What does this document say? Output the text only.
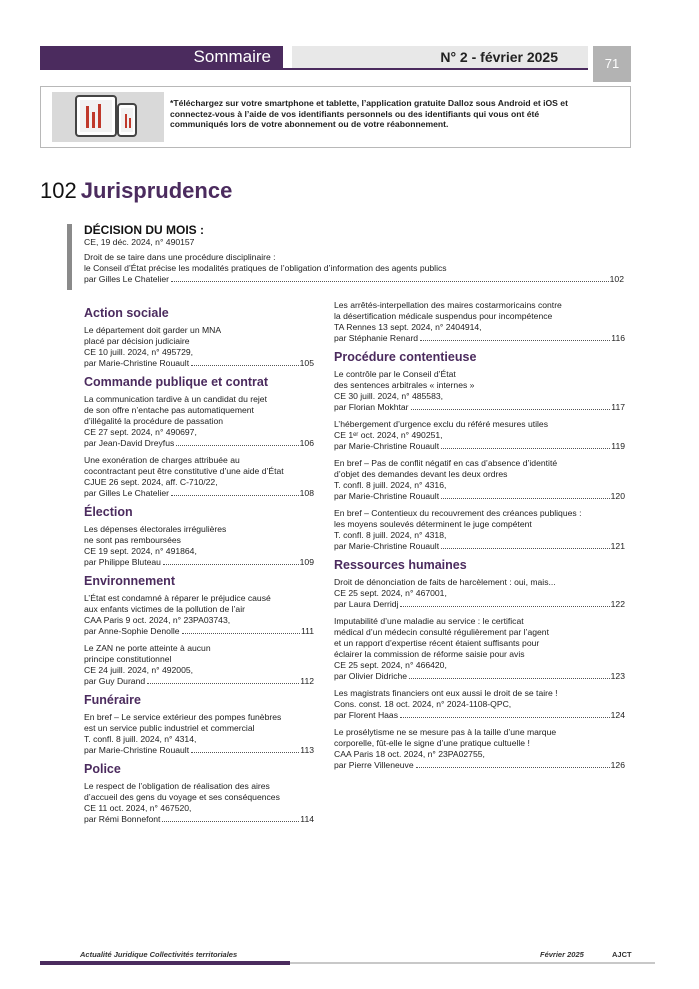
Sommaire	N° 2 - février 2025	71
*Téléchargez sur votre smartphone et tablette, l’application gratuite Dalloz sous Android et iOS et connectez-vous à l’aide de vos identifiants personnels ou des identifiants qui vous ont été communiqués lors de votre abonnement ou de votre réabonnement.
102 Jurisprudence
DÉCISION DU MOIS :
CE, 19 déc. 2024, n° 490157
Droit de se taire dans une procédure disciplinaire :
le Conseil d’État précise les modalités pratiques de l’obligation d’information des agents publics
par Gilles Le Chatelier	102
Action sociale

Le département doit garder un MNA

placé par décision judiciaire

CE 10 juill. 2024, n° 495729,

par Marie-Christine Rouault	105
Commande publique et contrat

La communication tardive à un candidat du rejet

de son offre n’entache pas automatiquement

d’illégalité la procédure de passation

CE 27 sept. 2024, n° 490697,

par Jean-David Dreyfus	106

Une exonération de charges attribuée au

cocontractant peut être constitutive d’une aide d’État

CJUE 26 sept. 2024, aff. C-710/22,

par Gilles Le Chatelier	108
Élection

Les dépenses électorales irrégulières

ne sont pas remboursées

CE 19 sept. 2024, n° 491864,

par Philippe Bluteau	109
Environnement

L’État est condamné à réparer le préjudice causé

aux enfants victimes de la pollution de l’air

CAA Paris 9 oct. 2024, n° 23PA03743,

par Anne-Sophie Denolle	111

Le ZAN ne porte atteinte à aucun

principe constitutionnel

CE 24 juill. 2024, n° 492005,

par Guy Durand	112
Funéraire

En bref – Le service extérieur des pompes funèbres

est un service public industriel et commercial

T. confl. 8 juill. 2024, n° 4314,

par Marie-Christine Rouault	113
Police

Le respect de l’obligation de réalisation des aires

d’accueil des gens du voyage et ses conséquences

CE 11 oct. 2024, n° 467520,

par Rémi Bonnefont	114

Les arrêtés-interpellation des maires costarmoricains contre

la désertification médicale suspendus pour incompétence

TA Rennes 13 sept. 2024, n° 2404914,

par Stéphanie Renard	116
Procédure contentieuse

Le contrôle par le Conseil d’État

des sentences arbitrales « internes »

CE 30 juill. 2024, n° 485583,

par Florian Mokhtar	117

L’hébergement d’urgence exclu du référé mesures utiles

CE 1ᵉʳ oct. 2024, n° 490251,

par Marie-Christine Rouault	119

En bref – Pas de conflit négatif en cas d’absence d’identité

d’objet des demandes devant les deux ordres

T. confl. 8 juill. 2024, n° 4316,

par Marie-Christine Rouault	120

En bref – Contentieux du recouvrement des créances publiques :

les moyens soulevés déterminent le juge compétent

T. confl. 8 juill. 2024, n° 4318,

par Marie-Christine Rouault	121
Ressources humaines

Droit de dénonciation de faits de harcèlement : oui, mais...

CE 25 sept. 2024, n° 467001,

par Laura Derridj	122

Imputabilité d’une maladie au service : le certificat

médical d’un médecin consulté régulièrement par l’agent

et un rapport d’expertise récent étaient suffisants pour

éclairer la commission de réforme saisie pour avis

CE 25 sept. 2024, n° 466420,

par Olivier Didriche	123

Les magistrats financiers ont eux aussi le droit de se taire !

Cons. const. 18 oct. 2024, n° 2024-1108-QPC,

par Florent Haas	124

Le prosélytisme ne se mesure pas à la taille d’une marque

corporelle, fût-elle le signe d’une pratique cultuelle !

CAA Paris 18 oct. 2024, n° 23PA02755,

par Pierre Villeneuve	126
Actualité Juridique Collectivités territoriales	Février 2025	AJCT
